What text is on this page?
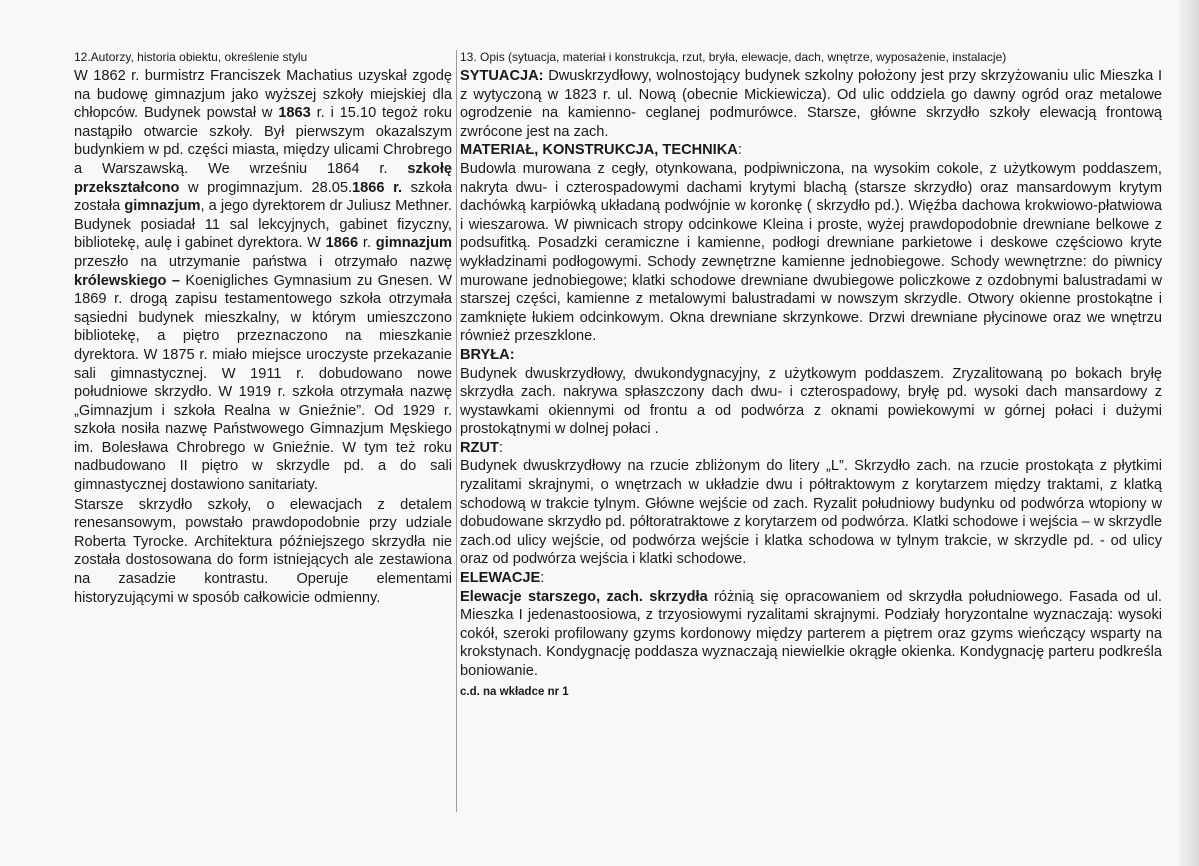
12.Autorzy, historia obiektu, określenie stylu

W 1862 r. burmistrz Franciszek Machatius uzyskał zgodę na budowę gimnazjum jako wyższej szkoły miejskiej dla chłopców. Budynek powstał w 1863 r. i 15.10 tegoż roku nastąpiło otwarcie szkoły. Był pierwszym okazalszym budynkiem w pd. części miasta, między ulicami Chrobrego a Warszawską. We wrześniu 1864 r. szkołę przekształcono w progimnazjum. 28.05.1866 r. szkoła została gimnazjum, a jego dyrektorem dr Juliusz Methner. Budynek posiadał 11 sal lekcyjnych, gabinet fizyczny, bibliotekę, aulę i gabinet dyrektora. W 1866 r. gimnazjum przeszło na utrzymanie państwa i otrzymało nazwę królewskiego – Koenigliches Gymnasium zu Gnesen. W 1869 r. drogą zapisu testamentowego szkoła otrzymała sąsiedni budynek mieszkalny, w którym umieszczono bibliotekę, a piętro przeznaczono na mieszkanie dyrektora. W 1875 r. miało miejsce uroczyste przekazanie sali gimnastycznej. W 1911 r. dobudowano nowe południowe skrzydło. W 1919 r. szkoła otrzymała nazwę „Gimnazjum i szkoła Realna w Gnieźnie”. Od 1929 r. szkoła nosiła nazwę Państwowego Gimnazjum Męskiego im. Bolesława Chrobrego w Gnieźnie. W tym też roku nadbudowano II piętro w skrzydle pd. a do sali gimnastycznej dostawiono sanitariaty.

Starsze skrzydło szkoły, o elewacjach z detalem renesansowym, powstało prawdopodobnie przy udziale Roberta Tyrocke. Architektura późniejszego skrzydła nie została dostosowana do form istniejących ale zestawiona na zasadzie kontrastu. Operuje elementami historyzującymi w sposób całkowicie odmienny.

13. Opis (sytuacja, materiał i konstrukcja, rzut, bryła, elewacje, dach, wnętrze, wyposażenie, instalacje)

SYTUACJA: Dwuskrzydłowy, wolnostojący budynek szkolny położony jest przy skrzyżowaniu ulic Mieszka I z wytyczoną w 1823 r. ul. Nową (obecnie Mickiewicza). Od ulic oddziela go dawny ogród oraz metalowe ogrodzenie na kamienno- ceglanej podmurówce. Starsze, główne skrzydło szkoły elewacją frontową zwrócone jest na zach.

MATERIAŁ, KONSTRUKCJA, TECHNIKA:

Budowla murowana z cegły, otynkowana, podpiwniczona, na wysokim cokole, z użytkowym poddaszem, nakryta dwu- i czterospadowymi dachami krytymi blachą (starsze skrzydło) oraz mansardowym krytym dachówką karpiówką układaną podwójnie w koronkę ( skrzydło pd.). Więźba dachowa krokwiowo-płatwiowa i wieszarowa. W piwnicach stropy odcinkowe Kleina i proste, wyżej prawdopodobnie drewniane belkowe z podsufitką. Posadzki ceramiczne i kamienne, podłogi drewniane parkietowe i deskowe częściowo kryte wykładzinami podłogowymi. Schody zewnętrzne kamienne jednobiegowe. Schody wewnętrzne: do piwnicy murowane jednobiegowe; klatki schodowe drewniane dwubiegowe policzkowe z ozdobnymi balustradami w starszej części, kamienne z metalowymi balustradami w nowszym skrzydle. Otwory okienne prostokątne i zamknięte łukiem odcinkowym. Okna drewniane skrzynkowe. Drzwi drewniane płycinowe oraz we wnętrzu również przeszklone.

BRYŁA:

Budynek dwuskrzydłowy, dwukondygnacyjny, z użytkowym poddaszem. Zryzalitowaną po bokach bryłę skrzydła zach. nakrywa spłaszczony dach dwu- i czterospadowy, bryłę pd. wysoki dach mansardowy z wystawkami okiennymi od frontu a od podwórza z oknami powiekowymi w górnej połaci i dużymi prostokątnymi w dolnej połaci .

RZUT:

Budynek dwuskrzydłowy na rzucie zbliżonym do litery „L”. Skrzydło zach. na rzucie prostokąta z płytkimi ryzalitami skrajnymi, o wnętrzach w układzie dwu i półtraktowym z korytarzem między traktami, z klatką schodową w trakcie tylnym. Główne wejście od zach. Ryzalit południowy budynku od podwórza wtopiony w dobudowane skrzydło pd. półtoratraktowe z korytarzem od podwórza. Klatki schodowe i wejścia – w skrzydle zach.od ulicy wejście, od podwórza wejście i klatka schodowa w tylnym trakcie, w skrzydle pd. - od ulicy oraz od podwórza wejścia i klatki schodowe.

ELEWACJE:

Elewacje starszego, zach. skrzydła różnią się opracowaniem od skrzydła południowego. Fasada od ul. Mieszka I jedenastoosiowa, z trzyosiowymi ryzalitami skrajnymi. Podziały horyzontalne wyznaczają: wysoki cokół, szeroki profilowany gzyms kordonowy między parterem a piętrem oraz gzyms wieńczący wsparty na krokstynach. Kondygnację poddasza wyznaczają niewielkie okrągłe okienka. Kondygnację parteru podkreśla boniowanie.

c.d. na wkładce nr 1
